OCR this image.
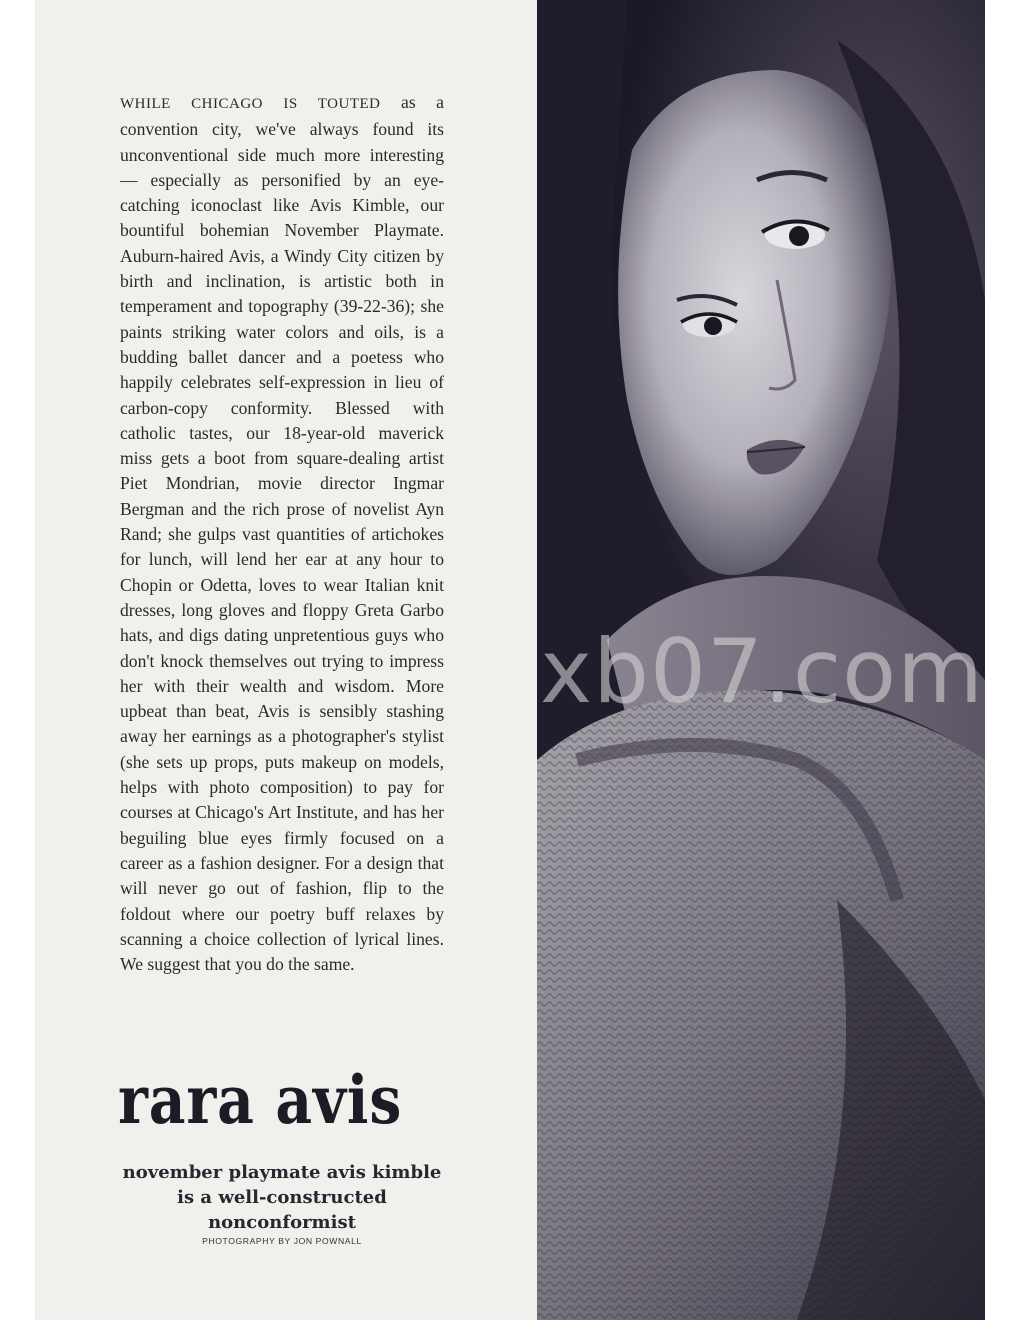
WHILE CHICAGO IS TOUTED as a convention city, we've always found its unconventional side much more interesting — especially as personified by an eye-catching iconoclast like Avis Kimble, our bountiful bohemian November Playmate. Auburn-haired Avis, a Windy City citizen by birth and inclination, is artistic both in temperament and topography (39-22-36); she paints striking water colors and oils, is a budding ballet dancer and a poetess who happily celebrates self-expression in lieu of carbon-copy conformity. Blessed with catholic tastes, our 18-year-old maverick miss gets a boot from square-dealing artist Piet Mondrian, movie director Ingmar Bergman and the rich prose of novelist Ayn Rand; she gulps vast quantities of artichokes for lunch, will lend her ear at any hour to Chopin or Odetta, loves to wear Italian knit dresses, long gloves and floppy Greta Garbo hats, and digs dating unpretentious guys who don't knock themselves out trying to impress her with their wealth and wisdom. More upbeat than beat, Avis is sensibly stashing away her earnings as a photographer's stylist (she sets up props, puts makeup on models, helps with photo composition) to pay for courses at Chicago's Art Institute, and has her beguiling blue eyes firmly focused on a career as a fashion designer. For a design that will never go out of fashion, flip to the foldout where our poetry buff relaxes by scanning a choice collection of lyrical lines. We suggest that you do the same.
rara avis
november playmate avis kimble is a well-constructed nonconformist
PHOTOGRAPHY BY JON POWNALL
xb07.com
